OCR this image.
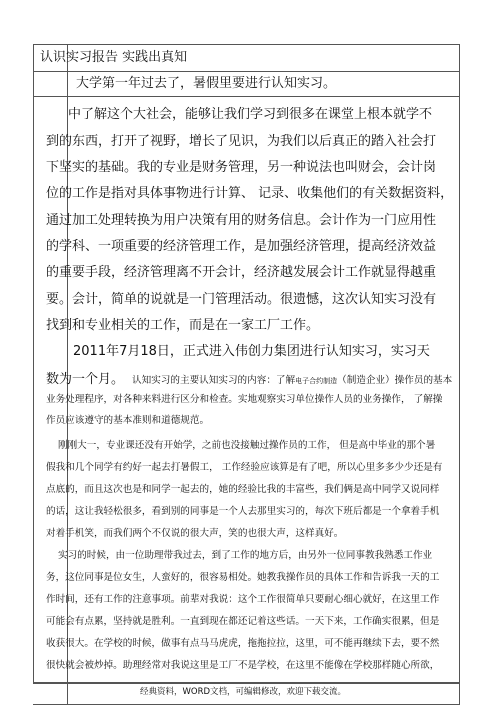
认识实习报告 实践出真知
大学第一年过去了，暑假里要进行认知实习。
中了解这个大社会，能够让我们学习到很多在课堂上根本就学不
到的东西，打开了视野，增长了见识，为我们以后真正的踏入社会打
下坚实的基础。我的专业是财务管理，另一种说法也叫财会，会计岗
位的工作是指对具体事物进行计算、 记录、收集他们的有关数据资料，
通过加工处理转换为用户决策有用的财务信息。会计作为一门应用性
的学科、一项重要的经济管理工作，是加强经济管理，提高经济效益
的重要手段，经济管理离不开会计，经济越发展会计工作就显得越重
要。会计，简单的说就是一门管理活动。很遗憾，这次认知实习没有
找到和专业相关的工作，而是在一家工厂工作。
2011年7月18日，正式进入伟创力集团进行认知实习，实习天
数为一个月。 认知实习的主要认知实习的内容：了解电子合约制造（制造企业）操作员的基本
业务处理程序，对各种来料进行区分和检查。实地观察实习单位操作人员的业务操作， 了解操
作员应该遵守的基本准则和道德规范。
刚刚大一，专业课还没有开始学，之前也没接触过操作员的工作， 但是高中毕业的那个暑
假我和几个同学有约好一起去打暑假工， 工作经验应该算是有了吧，所以心里多多少少还是有
点底的，而且这次也是和同学一起去的，她的经验比我的丰富些，我们俩是高中同学又说同样
的话，这让我轻松很多，看到别的同事是一个人去那里实习的，每次下班后都是一个拿着手机
对着手机笑，而我们两个不仅说的很大声，笑的也很大声，这样真好。
实习的时候，由一位助理带我过去，到了工作的地方后，由另外一位同事教我熟悉工作业
务，这位同事是位女生，人蛮好的，很容易相处。她教我操作员的具体工作和告诉我一天的工
作时间，还有工作的注意事项。前辈对我说：这个工作很简单只要耐心细心就好，在这里工作
可能会有点累，坚持就是胜利。一直到现在都还记着这些话。一天下来，工作确实很累，但是
收获很大。在学校的时候，做事有点马马虎虎，拖拖拉拉，这里，可不能再继续下去，要不然
很快就会被炒掉。助理经常对我说这里是工厂不是学校，在这里不能像在学校那样随心所欲，
经典资料，WORD文档，可编辑修改，欢迎下载交流。
